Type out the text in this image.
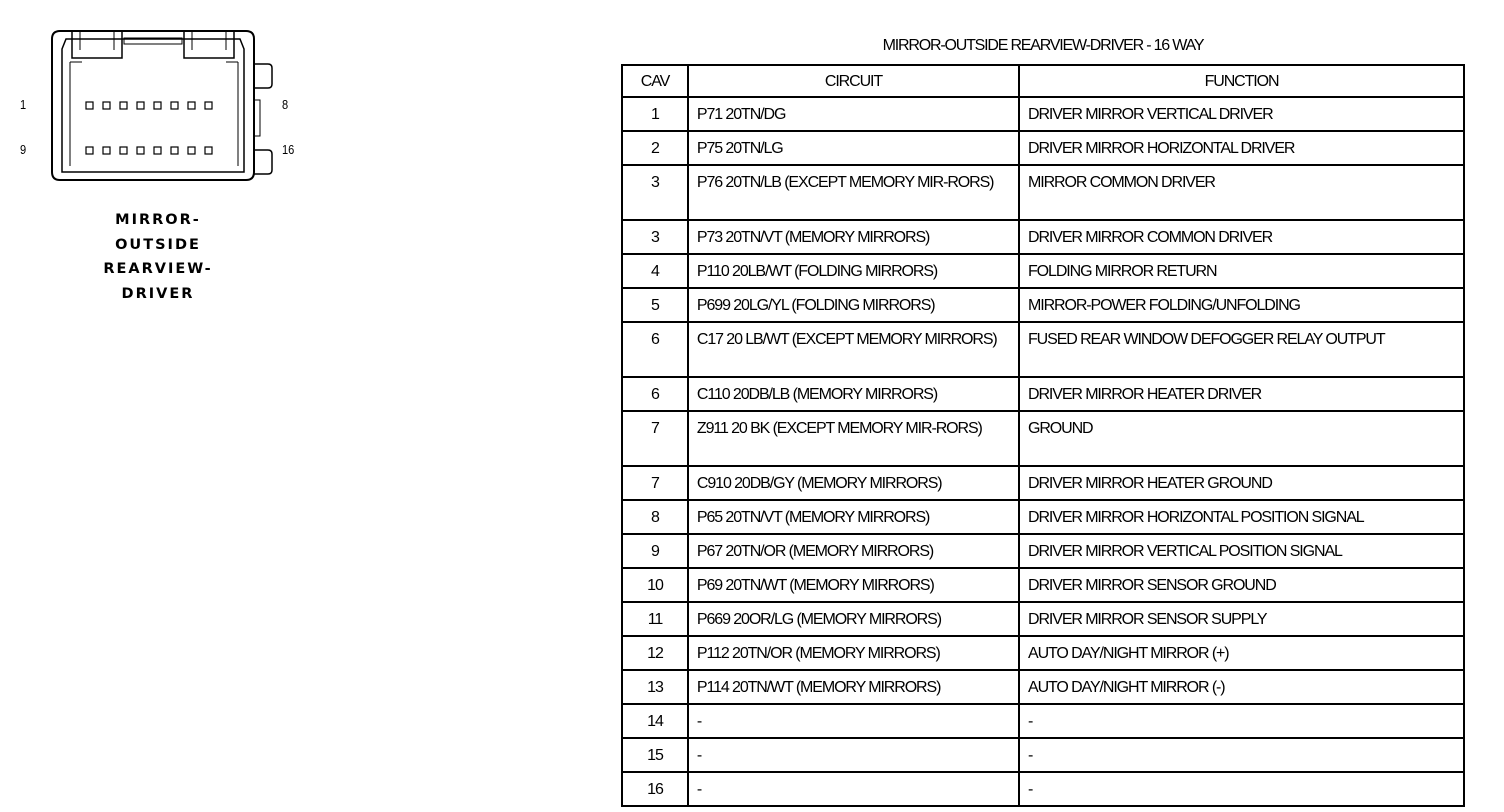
1	8
9	16
MIRROR-
OUTSIDE
REARVIEW-
DRIVER
MIRROR-OUTSIDE REARVIEW-DRIVER - 16 WAY
CAV	CIRCUIT	FUNCTION
1	P71 20TN/DG	DRIVER MIRROR VERTICAL DRIVER
2	P75 20TN/LG	DRIVER MIRROR HORIZONTAL DRIVER
3	P76 20TN/LB (EXCEPT MEMORY MIR-RORS)	MIRROR COMMON DRIVER
3	P73 20TN/VT (MEMORY MIRRORS)	DRIVER MIRROR COMMON DRIVER
4	P110 20LB/WT (FOLDING MIRRORS)	FOLDING MIRROR RETURN
5	P699 20LG/YL (FOLDING MIRRORS)	MIRROR-POWER FOLDING/UNFOLDING
6	C17 20 LB/WT (EXCEPT MEMORY MIRRORS)	FUSED REAR WINDOW DEFOGGER RELAY OUTPUT
6	C110 20DB/LB (MEMORY MIRRORS)	DRIVER MIRROR HEATER DRIVER
7	Z911 20 BK (EXCEPT MEMORY MIR-RORS)	GROUND
7	C910 20DB/GY (MEMORY MIRRORS)	DRIVER MIRROR HEATER GROUND
8	P65 20TN/VT (MEMORY MIRRORS)	DRIVER MIRROR HORIZONTAL POSITION SIGNAL
9	P67 20TN/OR (MEMORY MIRRORS)	DRIVER MIRROR VERTICAL POSITION SIGNAL
10	P69 20TN/WT (MEMORY MIRRORS)	DRIVER MIRROR SENSOR GROUND
11	P669 20OR/LG (MEMORY MIRRORS)	DRIVER MIRROR SENSOR SUPPLY
12	P112 20TN/OR (MEMORY MIRRORS)	AUTO DAY/NIGHT MIRROR (+)
13	P114 20TN/WT (MEMORY MIRRORS)	AUTO DAY/NIGHT MIRROR (-)
14	-	-
15	-	-
16	-	-
